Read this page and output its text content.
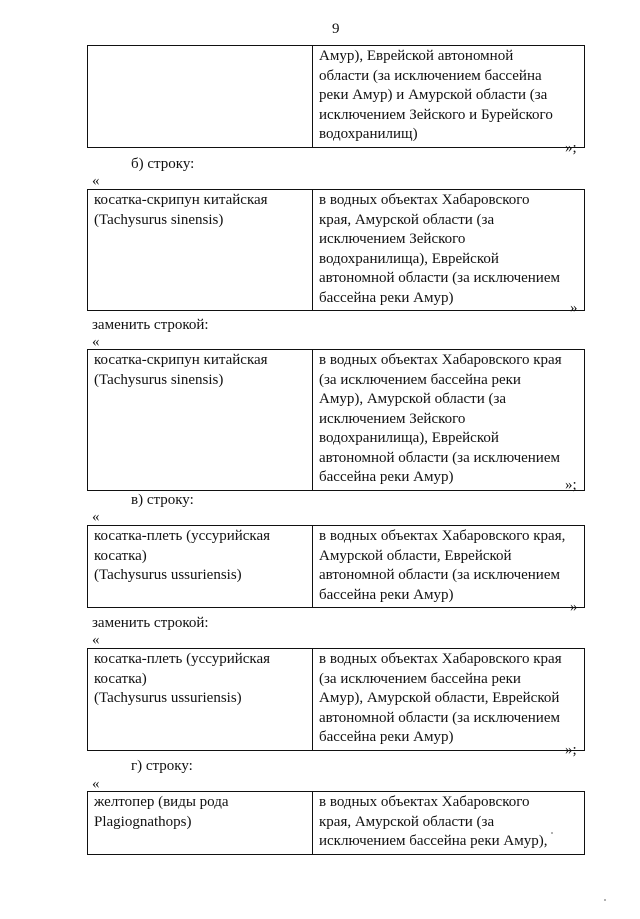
9

Амур), Еврейской автономной
области (за исключением бассейна
реки Амур) и Амурской области (за
исключением Зейского и Бурейского
водохранилищ)
»;
б) строку:
«
косатка-скрипун китайская
(Tachysurus sinensis)

в водных объектах Хабаровского
края, Амурской области (за
исключением Зейского
водохранилища), Еврейской
автономной области (за исключением
бассейна реки Амур)
»
заменить строкой:
«
косатка-скрипун китайская
(Tachysurus sinensis)

в водных объектах Хабаровского края
(за исключением бассейна реки
Амур), Амурской области (за
исключением Зейского
водохранилища), Еврейской
автономной области (за исключением
бассейна реки Амур)	»;
в) строку:
«
косатка-плеть (уссурийская
косатка)
(Tachysurus ussuriensis)

в водных объектах Хабаровского края,
Амурской области, Еврейской
автономной области (за исключением
бассейна реки Амур)
»
заменить строкой:
«
косатка-плеть (уссурийская
косатка)
(Tachysurus ussuriensis)

в водных объектах Хабаровского края
(за исключением бассейна реки
Амур), Амурской области, Еврейской
автономной области (за исключением
бассейна реки Амур)
»;
г) строку:
«
желтопер (виды рода
Plagiognathops)

в водных объектах Хабаровского
края, Амурской области (за
исключением бассейна реки Амур),
